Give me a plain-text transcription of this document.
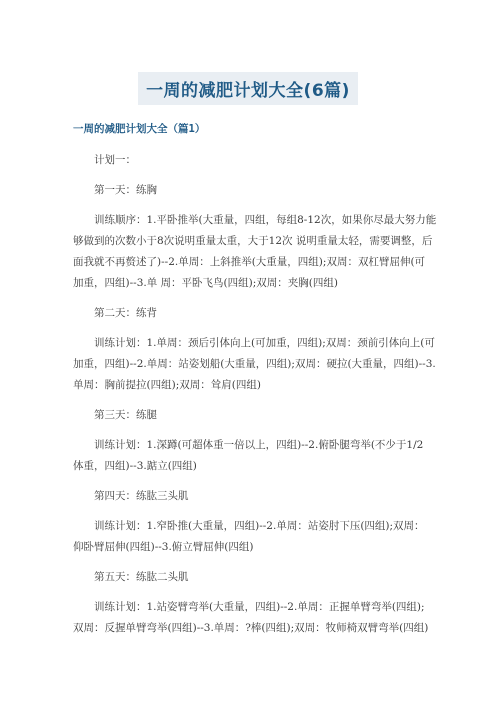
一周的减肥计划大全(6篇)
一周的减肥计划大全（篇1）

计划一：

第一天：练胸

训练顺序：1.平卧推举(大重量，四组，每组8-12次，如果你尽最大努力能
够做到的次数小于8次说明重量太重，大于12次 说明重量太轻，需要调整，后
面我就不再赘述了)--2.单周：上斜推举(大重量，四组);双周：双杠臂屈伸(可
加重，四组)--3.单 周：平卧飞鸟(四组);双周：夹胸(四组)

第二天：练背

训练计划：1.单周：颈后引体向上(可加重，四组);双周：颈前引体向上(可
加重，四组)--2.单周：站姿划船(大重量，四组);双周：硬拉(大重量，四组)--3.
单周：胸前提拉(四组);双周：耸肩(四组)

第三天：练腿

训练计划：1.深蹲(可超体重一倍以上，四组)--2.俯卧腿弯举(不少于1/2
体重，四组)--3.踮立(四组)

第四天：练肱三头肌

训练计划：1.窄卧推(大重量，四组)--2.单周：站姿肘下压(四组);双周：
仰卧臂屈伸(四组)--3.俯立臂屈伸(四组)

第五天：练肱二头肌

训练计划：1.站姿臂弯举(大重量，四组)--2.单周：正握单臂弯举(四组);
双周：反握单臂弯举(四组)--3.单周：?棒(四组);双周：牧师椅双臂弯举(四组)
